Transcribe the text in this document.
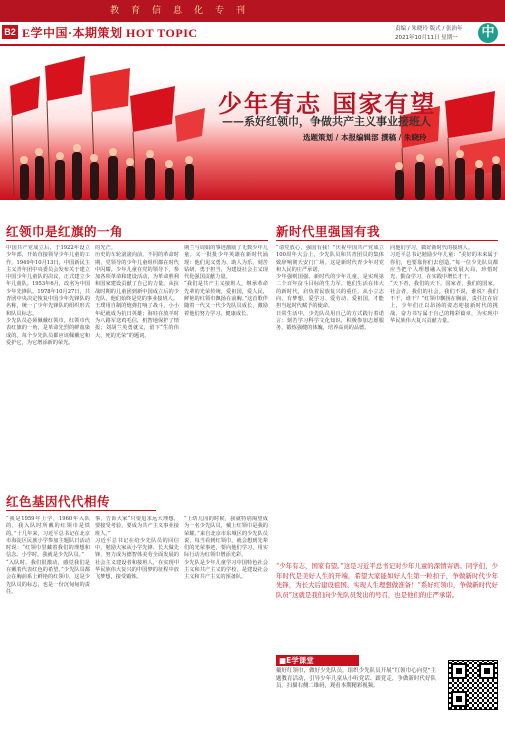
教育信息化专刊
B2 E学中国·本期策划 HOT TOPIC	责编 / 朱晓玲 版式 / 张治年
2021年10月11日 星期一 中
少年有志 国家有望
——系好红领巾，争做共产主义事业接班人
选题策划 / 本报编辑部 撰稿 / 朱晓玲
红领巾是红旗的一角
中国共产党成立后，于1922年设立少年部，开始直接领导少年儿童的工作。1949年10月13日，中国新民主主义青年团中央委员会发布关于建立中国少年儿童队的决议，正式建立少年儿童队。1953年6月，改名为中国少年先锋队。1978年10月27日，共青团中央决定恢复中国少年先锋队的名称，统一了少年先锋队的组织形式和队员标志。
少先队员必须佩戴红领巾。红领巾代表红旗的一角，是革命先烈的鲜血染成的。每个少先队员都应该佩戴它和爱护它，为它增添新的荣光。
的光芒。
历史的车轮滚滚向前，不同的革命时期，党领导的少年儿童组织都在时代中闪耀。少年儿童在党的领导下，参加各项革命和建设活动，为革命胜利和国家建设贡献了自己的力量。从抗战时期的儿童团到新中国成立后的少先队，他们始终是党的事业接班人。
王璞用自制的炮弹打响了战斗，小小年纪就成为抗日英雄；海娃在放羊时为八路军送鸡毛信，机智地保护了情报；刘胡兰英勇就义，留下“生的伟大，死的光荣”的题词。
期兰与周娟的事迹激励了无数少年儿童。又一批批少年英雄在新时代涌现：他们见义勇为、助人为乐、刻苦钻研、勇于担当，为建设社会主义现代化强国贡献力量。
“我们是共产主义接班人，继承革命先辈的光荣传统，爱祖国，爱人民，鲜艳的红领巾飘扬在前胸。”这首歌伴随着一代又一代少先队员成长，激励着他们努力学习、健康成长。
红色基因代代相传
“我是1959年上学，1960年入队的，我入队时所戴的红领巾是铁的。”十几年来，习近平总书记在北京市海淀区民族小学参加主题队日活动时说：“红领巾里藏着我们的理想和信念。小学时，我就是少先队员。”
“入队时，我们很激动，感觉我们是在戴着代表红色的希望。”少先队员都会在胸前系上鲜艳的红领巾，这是少先队员的标志，也是一份沉甸甸的责任。
事，告诉大家“只要追求远大理想，要接受考验，要成为共产主义事业接班人。”
习近平总书记在给少先队员的回信中，勉励大家从小学先锋、长大做先锋，努力成为德智体美劳全面发展的社会主义建设者和接班人，在实现中华民族伟大复兴的中国梦的征程中放飞梦想，接受锻炼。
“上幼儿园的时候，我就特别渴望成为一名少先队员，戴上红领巾是我的荣耀。”来自北京市东城区的少先队员说，每当看到红领巾，就会想到先辈们的光荣事迹，要向他们学习，用实际行动为红领巾增添光彩。
少先队是少年儿童学习中国特色社会主义和共产主义的学校，是建设社会主义和共产主义的预备队。
新时代里强国有我
“请党放心，强国有我！”庆祝中国共产党成立100周年大会上，少先队员和共青团员的集体致辞响彻天安门广场。这是新时代青少年对党和人民的庄严承诺。
少年强则国强。新时代的少年儿童，是实现第二个百年奋斗目标的生力军。他们生活在伟大的新时代，肩负着民族复兴的重任。从小立志向、有梦想，爱学习、爱劳动、爱祖国，才能担当起时代赋予的使命。
日常生活中，少先队员用自己的方式践行着诺言：刻苦学习科学文化知识，积极参加志愿服务，锻炼强健的体魄，培养高尚的品德。
向他们学习，做好新时代的接班人。
习近平总书记勉励少年儿童：“美好的未来属于你们，也要靠你们去创造。”每一位少先队员都应当把个人理想融入国家发展大局，珍惜时光、勤奋学习，在实践中增长才干。
“天下者，我们的天下。国家者，我们的国家。社会者，我们的社会。我们不说，谁说？我们不干，谁干？”红领巾飘扬在胸前，责任扛在肩上，少年们正以昂扬的姿态迎接新时代的挑战，奋力书写属于自己的精彩篇章，为实现中华民族伟大复兴贡献力量。
“少年有志，国家有望。”这是习近平总书记对少年儿童的深情寄语。同学们，少年时代是美好人生的开端，希望大家能如好人生第一粒扣子，争做新时代少年先锋，为长大后建设祖国、实现人生理想做准备！“系好红领巾，争做新时代好队员”这就是我们向少先队员发出的号召，也是他们的庄严承诺。
■E学课堂
戴好红领巾，做好少先队员。组织少先队员开展“红领巾心向党”主题教育活动，引导少年儿童从小听党话、跟党走，争做新时代好队员。扫描右侧二维码，观看本期精彩视频。
